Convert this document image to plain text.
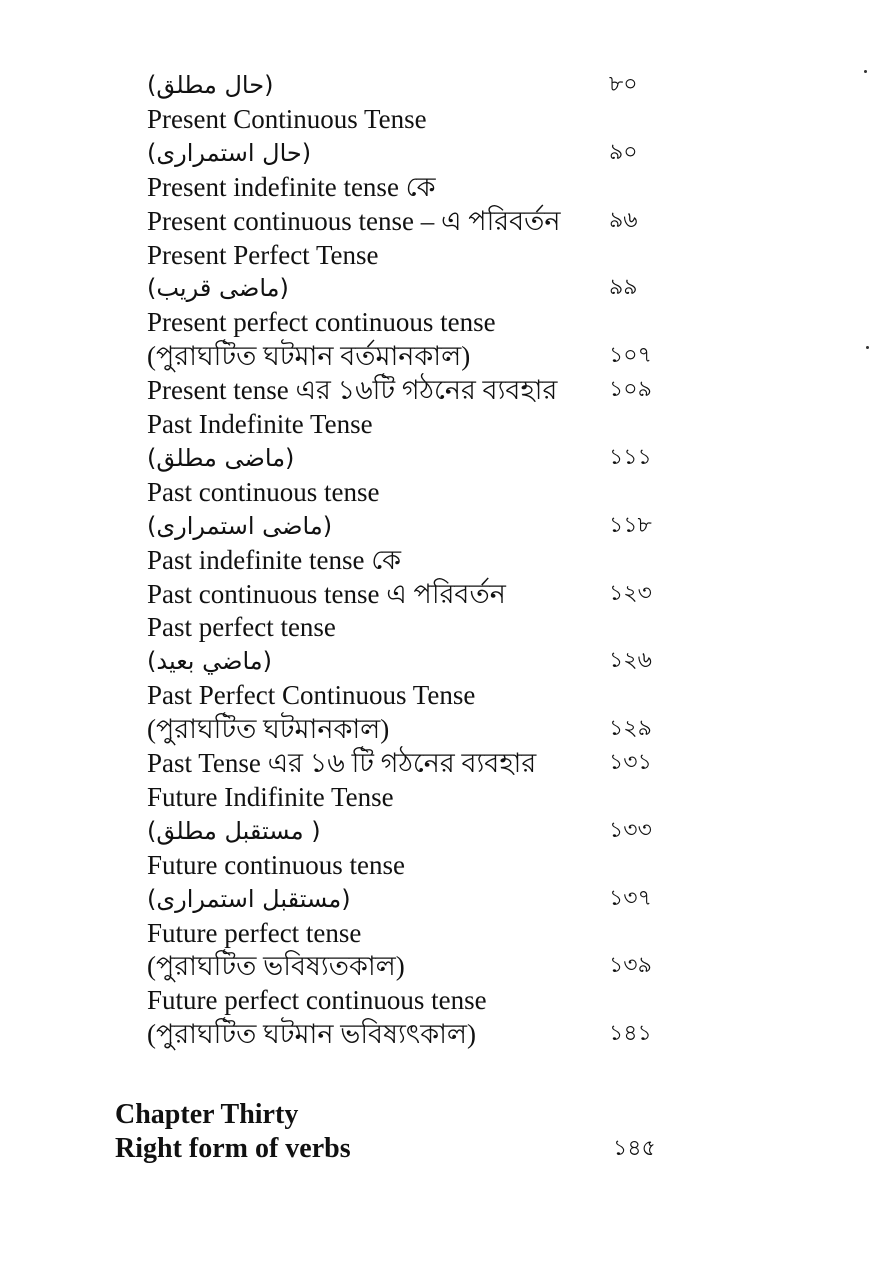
(حال مطلق)	৮০
Present Continuous Tense
(حال استمراری)	৯০
Present indefinite tense কে
Present continuous tense – এ পরিবর্তন ৯৬
Present Perfect Tense
(ماضی قریب)	৯৯
Present perfect continuous tense
(পুরাঘটিত ঘটমান বর্তমানকাল)	১০৭
Present tense এর ১৬টি গঠনের ব্যবহার ১০৯
Past Indefinite Tense
(ماضی مطلق)	১১১
Past continuous tense
(ماضی استمراری)	১১৮
Past indefinite tense কে
Past continuous tense এ পরিবর্তন	১২৩
Past perfect tense
(ماضي بعيد)	১২৬
Past Perfect Continuous Tense
(পুরাঘটিত ঘটমানকাল)	১২৯
Past Tense এর ১৬ টি গঠনের ব্যবহার	১৩১
Future Indifinite Tense
( مستقبل مطلق)	১৩৩
Future continuous tense
(مستقبل استمراری)	১৩৭
Future perfect tense
(পুরাঘটিত ভবিষ্যতকাল)	১৩৯
Future perfect continuous tense
(পুরাঘটিত ঘটমান ভবিষ্যৎকাল)	১৪১
Chapter Thirty
Right form of verbs	১৪৫
